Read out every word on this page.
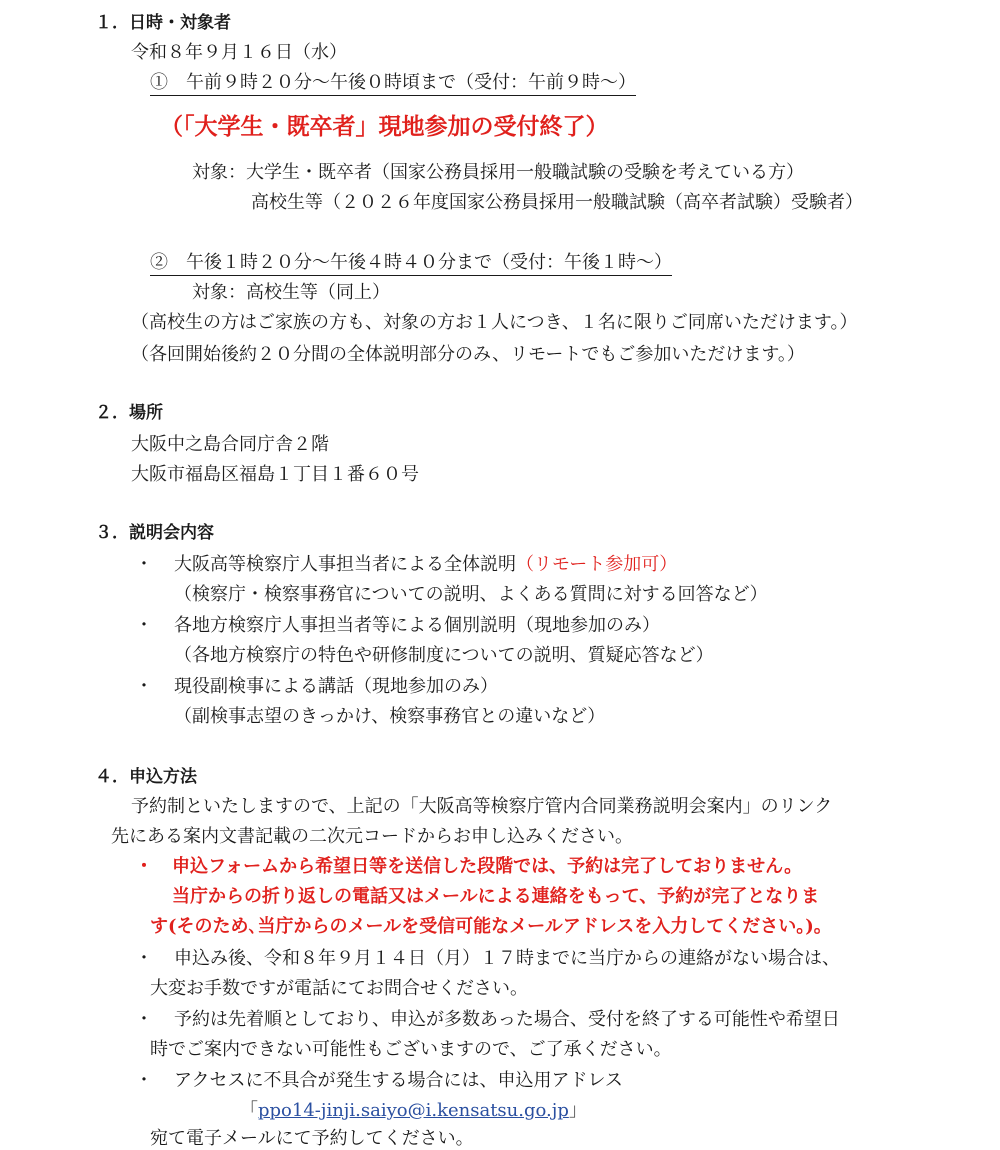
１．日時・対象者
令和８年９月１６日（水）
①　午前９時２０分～午後０時頃まで（受付：午前９時～）
（「大学生・既卒者」現地参加の受付終了）
対象：大学生・既卒者（国家公務員採用一般職試験の受験を考えている方）
高校生等（２０２６年度国家公務員採用一般職試験（高卒者試験）受験者）
②　午後１時２０分～午後４時４０分まで（受付：午後１時～）
対象：高校生等（同上）
（高校生の方はご家族の方も、対象の方お１人につき、１名に限りご同席いただけます。）
（各回開始後約２０分間の全体説明部分のみ、リモートでもご参加いただけます。）
２．場所
大阪中之島合同庁舎２階
大阪市福島区福島１丁目１番６０号
３．説明会内容
・ 大阪高等検察庁人事担当者による全体説明（リモート参加可）
（検察庁・検察事務官についての説明、よくある質問に対する回答など）
・ 各地方検察庁人事担当者等による個別説明（現地参加のみ）
（各地方検察庁の特色や研修制度についての説明、質疑応答など）
・ 現役副検事による講話（現地参加のみ）
（副検事志望のきっかけ、検察事務官との違いなど）
４．申込方法
予約制といたしますので、上記の「大阪高等検察庁管内合同業務説明会案内」のリンク
先にある案内文書記載の二次元コードからお申し込みください。
・ 申込フォームから希望日等を送信した段階では、予約は完了しておりません。
当庁からの折り返しの電話又はメールによる連絡をもって、予約が完了となりま
す(そのため､当庁からのメールを受信可能なメールアドレスを入力してください｡)。
・ 申込み後、令和８年９月１４日（月）１７時までに当庁からの連絡がない場合は、
大変お手数ですが電話にてお問合せください。
・ 予約は先着順としており、申込が多数あった場合、受付を終了する可能性や希望日
時でご案内できない可能性もございますので、ご了承ください。
・ アクセスに不具合が発生する場合には、申込用アドレス
「ppo14-jinji.saiyo@i.kensatsu.go.jp」
宛て電子メールにて予約してください。
